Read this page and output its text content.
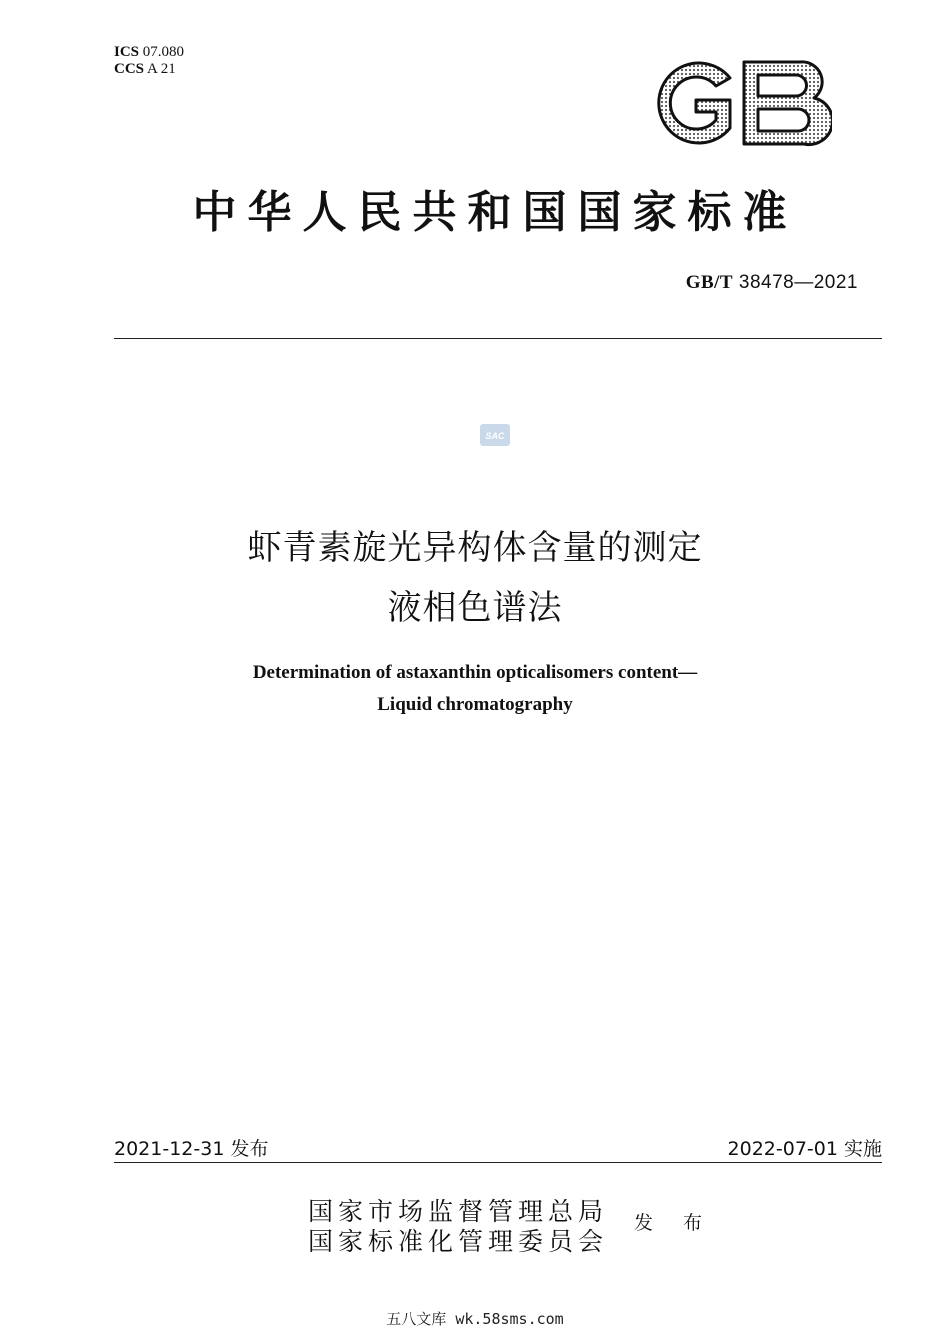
ICS 07.080
CCS A 21
中华人民共和国国家标准
GB/T 38478—2021
SAC
虾青素旋光异构体含量的测定
液相色谱法
Determination of astaxanthin opticalisomers content—
Liquid chromatography
2021-12-31 发布	2022-07-01 实施
国家市场监督管理总局
国家标准化管理委员会
发 布
五八文库 wk.58sms.com
